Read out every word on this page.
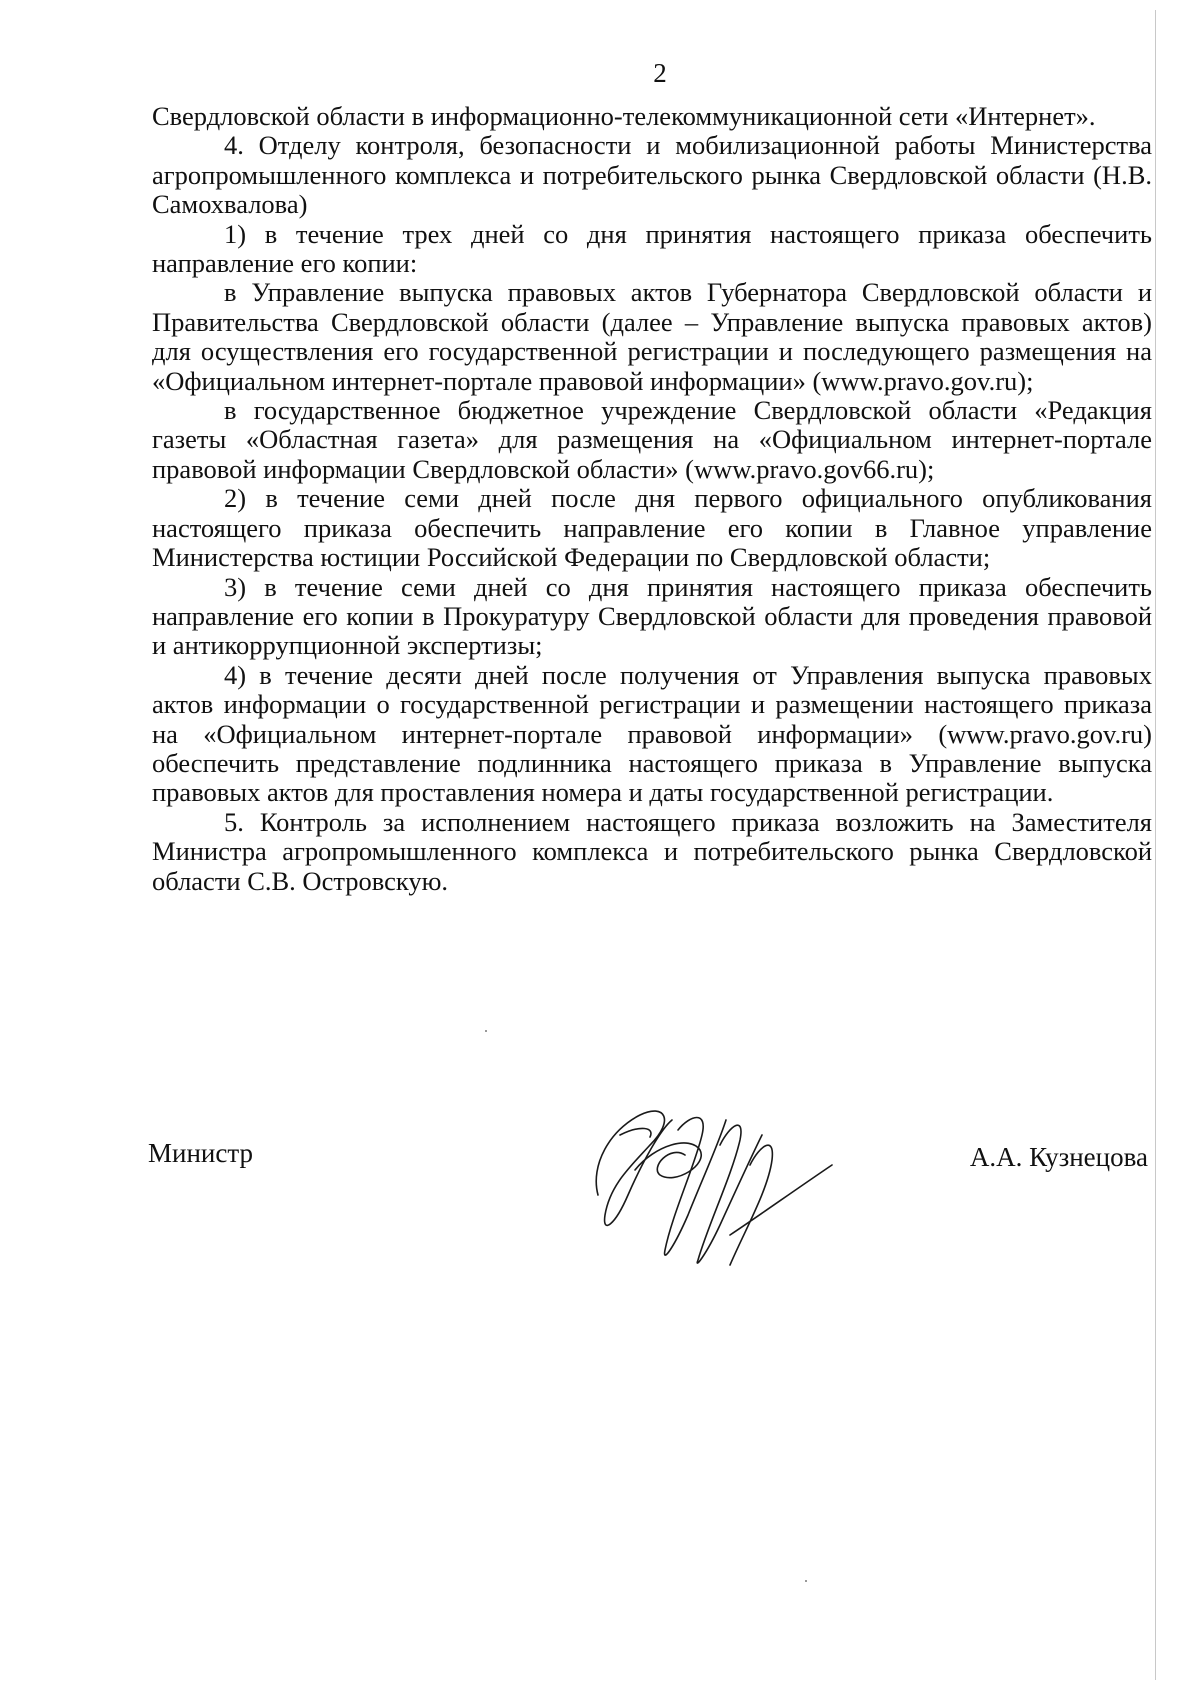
2

Свердловской области в информационно-телекоммуникационной сети «Интернет».

4. Отделу контроля, безопасности и мобилизационной работы Министерства агропромышленного комплекса и потребительского рынка Свердловской области (Н.В. Самохвалова)

1) в течение трех дней со дня принятия настоящего приказа обеспечить направление его копии:

в Управление выпуска правовых актов Губернатора Свердловской области и Правительства Свердловской области (далее – Управление выпуска правовых актов) для осуществления его государственной регистрации и последующего размещения на «Официальном интернет-портале правовой информации» (www.pravo.gov.ru);

в государственное бюджетное учреждение Свердловской области «Редакция газеты «Областная газета» для размещения на «Официальном интернет-портале правовой информации Свердловской области» (www.pravo.gov66.ru);

2) в течение семи дней после дня первого официального опубликования настоящего приказа обеспечить направление его копии в Главное управление Министерства юстиции Российской Федерации по Свердловской области;

3) в течение семи дней со дня принятия настоящего приказа обеспечить направление его копии в Прокуратуру Свердловской области для проведения правовой и антикоррупционной экспертизы;

4) в течение десяти дней после получения от Управления выпуска правовых актов информации о государственной регистрации и размещении настоящего приказа на «Официальном интернет-портале правовой информации» (www.pravo.gov.ru) обеспечить представление подлинника настоящего приказа в Управление выпуска правовых актов для проставления номера и даты государственной регистрации.

5. Контроль за исполнением настоящего приказа возложить на Заместителя Министра агропромышленного комплекса и потребительского рынка Свердловской области С.В. Островскую.

Министр	А.А. Кузнецова
